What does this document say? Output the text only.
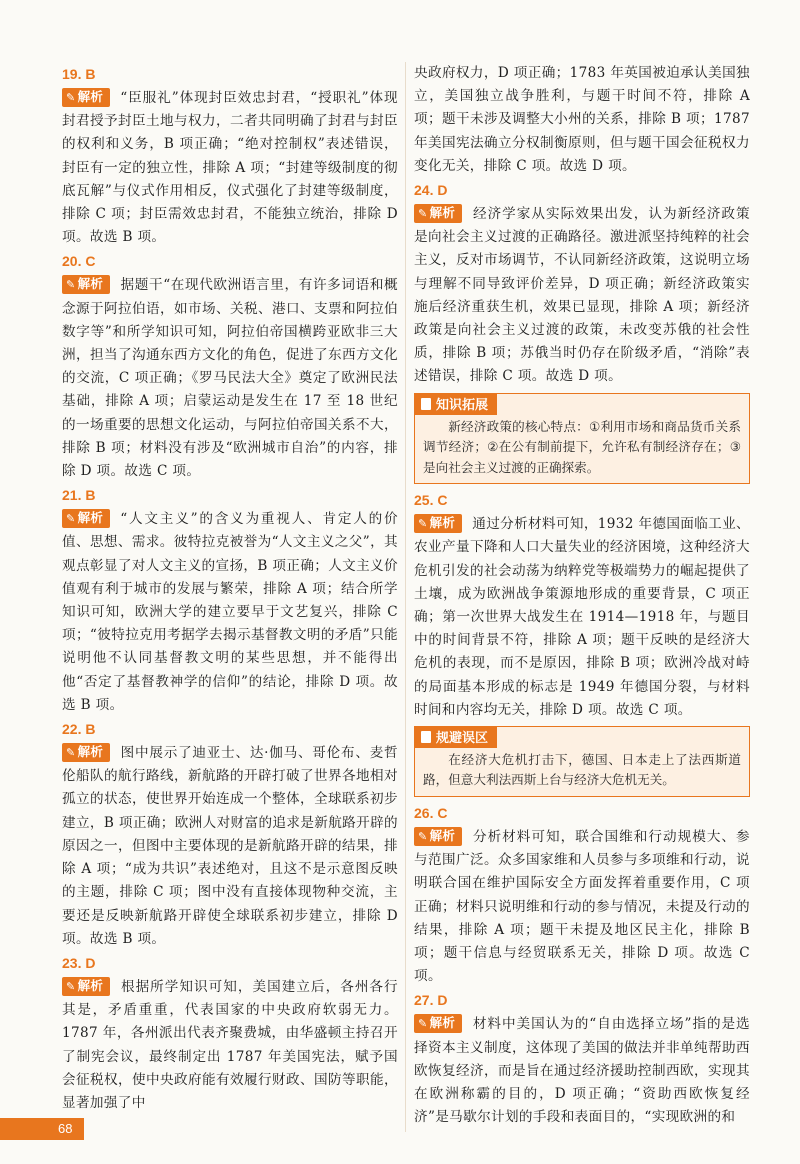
19. B

✎ 解析 “臣服礼”体现封臣效忠封君，“授职礼”体现封君授予封臣土地与权力，二者共同明确了封君与封臣的权利和义务，B 项正确；“绝对控制权”表述错误，封臣有一定的独立性，排除 A 项；“封建等级制度的彻底瓦解”与仪式作用相反，仪式强化了封建等级制度，排除 C 项；封臣需效忠封君，不能独立统治，排除 D 项。故选 B 项。

20. C

✎ 解析 据题干“在现代欧洲语言里，有许多词语和概念源于阿拉伯语，如市场、关税、港口、支票和阿拉伯数字等”和所学知识可知，阿拉伯帝国横跨亚欧非三大洲，担当了沟通东西方文化的角色，促进了东西方文化的交流，C 项正确；《罗马民法大全》奠定了欧洲民法基础，排除 A 项；启蒙运动是发生在 17 至 18 世纪的一场重要的思想文化运动，与阿拉伯帝国关系不大，排除 B 项；材料没有涉及“欧洲城市自治”的内容，排除 D 项。故选 C 项。

21. B

✎ 解析 “人文主义”的含义为重视人、肯定人的价值、思想、需求。彼特拉克被誉为“人文主义之父”，其观点彰显了对人文主义的宣扬，B 项正确；人文主义价值观有利于城市的发展与繁荣，排除 A 项；结合所学知识可知，欧洲大学的建立要早于文艺复兴，排除 C 项；“彼特拉克用考据学去揭示基督教文明的矛盾”只能说明他不认同基督教文明的某些思想，并不能得出他“否定了基督教神学的信仰”的结论，排除 D 项。故选 B 项。

22. B

✎ 解析 图中展示了迪亚士、达·伽马、哥伦布、麦哲伦船队的航行路线，新航路的开辟打破了世界各地相对孤立的状态，使世界开始连成一个整体，全球联系初步建立，B 项正确；欧洲人对财富的追求是新航路开辟的原因之一，但图中主要体现的是新航路开辟的结果，排除 A 项；“成为共识”表述绝对，且这不是示意图反映的主题，排除 C 项；图中没有直接体现物种交流，主要还是反映新航路开辟使全球联系初步建立，排除 D 项。故选 B 项。

23. D

✎ 解析 根据所学知识可知，美国建立后，各州各行其是，矛盾重重，代表国家的中央政府软弱无力。1787 年，各州派出代表齐聚费城，由华盛顿主持召开了制宪会议，最终制定出 1787 年美国宪法，赋予国会征税权，使中央政府能有效履行财政、国防等职能，显著加强了中

央政府权力，D 项正确；1783 年英国被迫承认美国独立，美国独立战争胜利，与题干时间不符，排除 A 项；题干未涉及调整大小州的关系，排除 B 项；1787 年美国宪法确立分权制衡原则，但与题干国会征税权力变化无关，排除 C 项。故选 D 项。

24. D

✎ 解析 经济学家从实际效果出发，认为新经济政策是向社会主义过渡的正确路径。激进派坚持纯粹的社会主义，反对市场调节，不认同新经济政策，这说明立场与理解不同导致评价差异，D 项正确；新经济政策实施后经济重获生机，效果已显现，排除 A 项；新经济政策是向社会主义过渡的政策，未改变苏俄的社会性质，排除 B 项；苏俄当时仍存在阶级矛盾，“消除”表述错误，排除 C 项。故选 D 项。

知识拓展
新经济政策的核心特点：①利用市场和商品货币关系调节经济；②在公有制前提下，允许私有制经济存在；③是向社会主义过渡的正确探索。
25. C

✎ 解析 通过分析材料可知，1932 年德国面临工业、农业产量下降和人口大量失业的经济困境，这种经济大危机引发的社会动荡为纳粹党等极端势力的崛起提供了土壤，成为欧洲战争策源地形成的重要背景，C 项正确；第一次世界大战发生在 1914—1918 年，与题目中的时间背景不符，排除 A 项；题干反映的是经济大危机的表现，而不是原因，排除 B 项；欧洲冷战对峙的局面基本形成的标志是 1949 年德国分裂，与材料时间和内容均无关，排除 D 项。故选 C 项。

规避误区
在经济大危机打击下，德国、日本走上了法西斯道路，但意大利法西斯上台与经济大危机无关。
26. C

✎ 解析 分析材料可知，联合国维和行动规模大、参与范围广泛。众多国家维和人员参与多项维和行动，说明联合国在维护国际安全方面发挥着重要作用，C 项正确；材料只说明维和行动的参与情况，未提及行动的结果，排除 A 项；题干未提及地区民主化，排除 B 项；题干信息与经贸联系无关，排除 D 项。故选 C 项。

27. D

✎ 解析 材料中美国认为的“自由选择立场”指的是选择资本主义制度，这体现了美国的做法并非单纯帮助西欧恢复经济，而是旨在通过经济援助控制西欧，实现其在欧洲称霸的目的，D 项正确；“资助西欧恢复经济”是马歇尔计划的手段和表面目的，“实现欧洲的和

68
